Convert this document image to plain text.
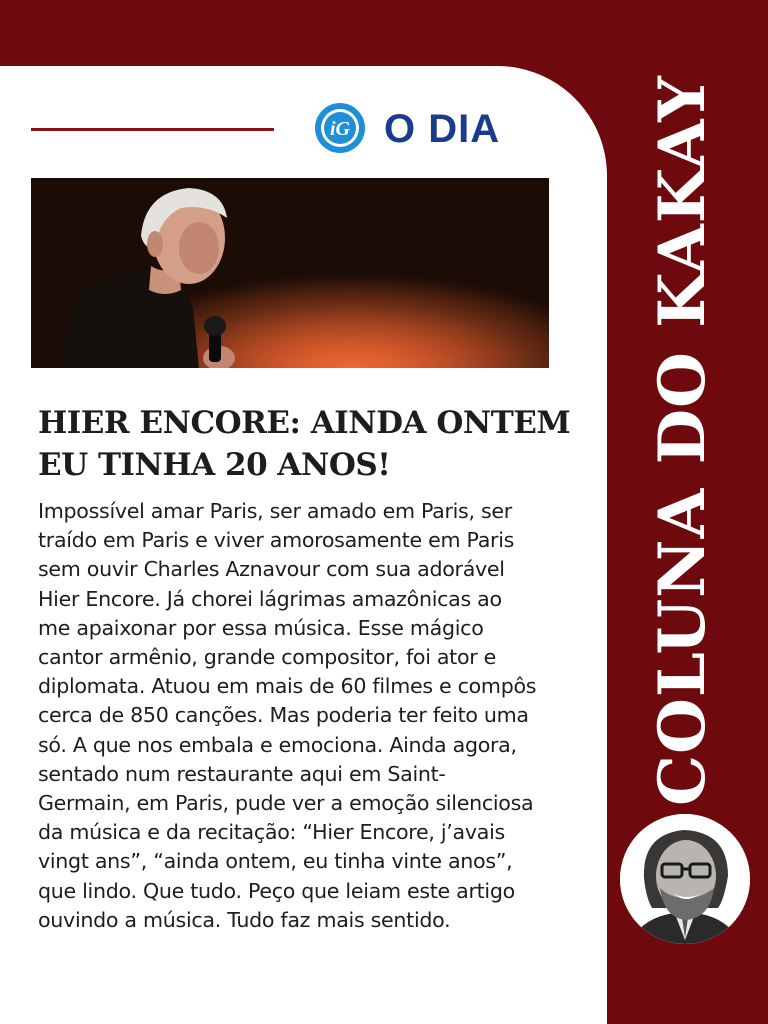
iG O DIA
HIER ENCORE: AINDA ONTEM EU TINHA 20 ANOS!

Impossível amar Paris, ser amado em Paris, ser traído em Paris e viver amorosamente em Paris sem ouvir Charles Aznavour com sua adorável Hier Encore. Já chorei lágrimas amazônicas ao me apaixonar por essa música. Esse mágico cantor armênio, grande compositor, foi ator e diplomata. Atuou em mais de 60 filmes e compôs cerca de 850 canções. Mas poderia ter feito uma só. A que nos embala e emociona. Ainda agora, sentado num restaurante aqui em Saint-Germain, em Paris, pude ver a emoção silenciosa da música e da recitação: “Hier Encore, j’avais vingt ans”, “ainda ontem, eu tinha vinte anos”, que lindo. Que tudo. Peço que leiam este artigo ouvindo a música. Tudo faz mais sentido.

COLUNA DO KAKAY
